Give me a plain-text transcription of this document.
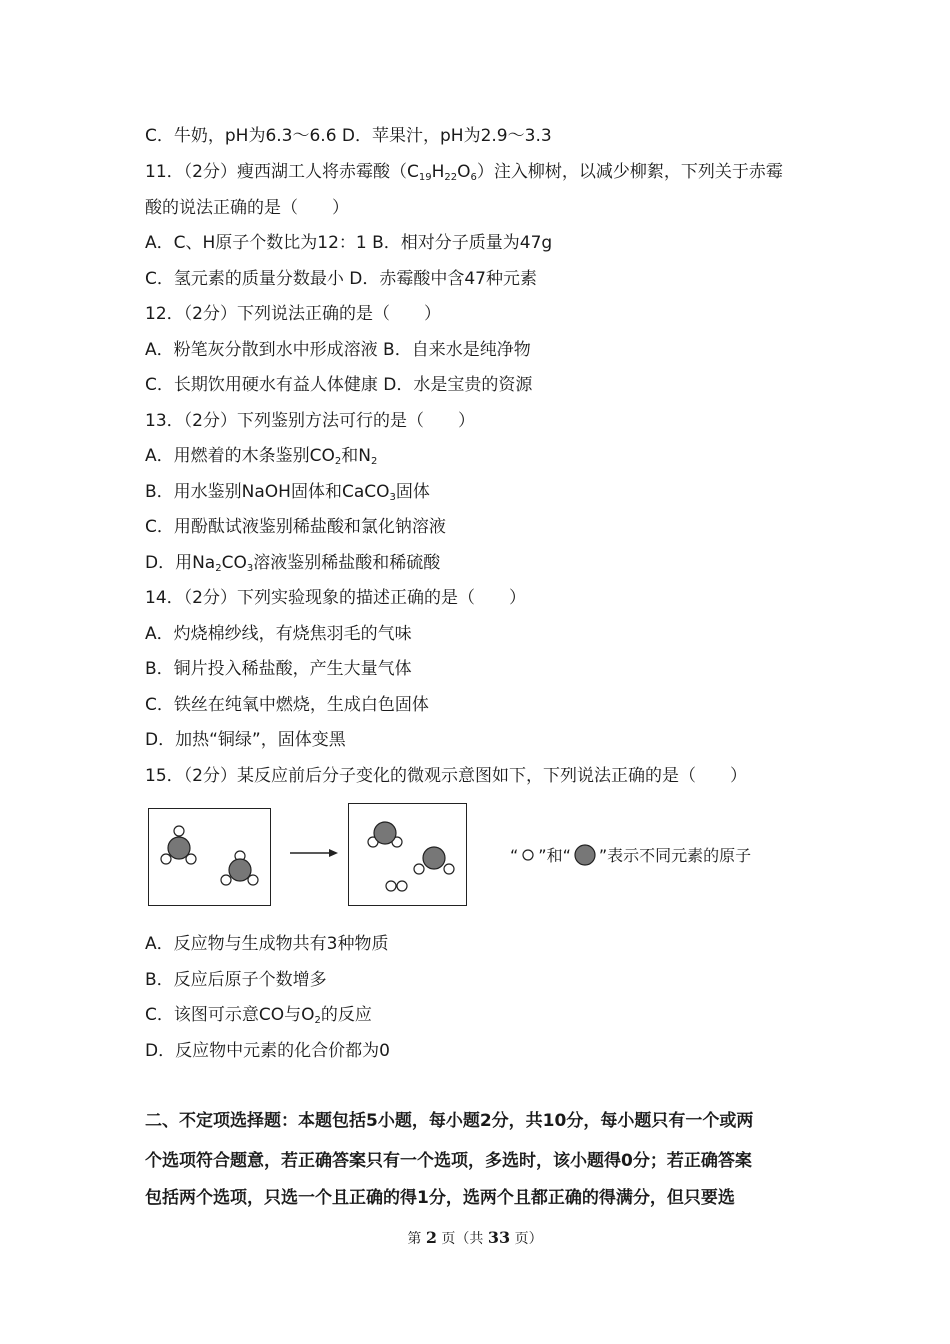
C．牛奶，pH为6.3～6.6 D．苹果汁，pH为2.9～3.3
11．（2分）瘦西湖工人将赤霉酸$(C_{19}H_{22}O_6)$注入柳树，以减少柳絮，下列关于赤霉
酸的说法正确的是（　　）
A．C、H原子个数比为12：1 B．相对分子质量为47g
C．氢元素的质量分数最小 D．赤霉酸中含47种元素
12．（2分）下列说法正确的是（　　）
A．粉笔灰分散到水中形成溶液 B．自来水是纯净物
C．长期饮用硬水有益人体健康 D．水是宝贵的资源
13．（2分）下列鉴别方法可行的是（　　）
A．用燃着的木条鉴别$CO_2$和$N_2$
B．用水鉴别NaOH固体和CaCO$_3$固体
C．用酚酞试液鉴别稀盐酸和氯化钠溶液
D．用$Na_2CO_3$溶液鉴别稀盐酸和稀硫酸
14．（2分）下列实验现象的描述正确的是（　　）
A．灼烧棉纱线，有烧焦羽毛的气味
B．铜片投入稀盐酸，产生大量气体
C．铁丝在纯氧中燃烧，生成白色固体
D．加热“铜绿”，固体变黑
15．（2分）某反应前后分子变化的微观示意图如下，下列说法正确的是（　　）
“ ”和“ ”表示不同元素的原子
A．反应物与生成物共有3种物质
B．反应后原子个数增多
C．该图可示意CO与$O_2$的反应
D．反应物中元素的化合价都为0
二、不定项选择题：本题包括5小题，每小题2分，共10分，每小题只有一个或两
个选项符合题意，若正确答案只有一个选项，多选时，该小题得0分；若正确答案
包括两个选项，只选一个且正确的得1分，选两个且都正确的得满分，但只要选
第 2 页（共 33 页）
